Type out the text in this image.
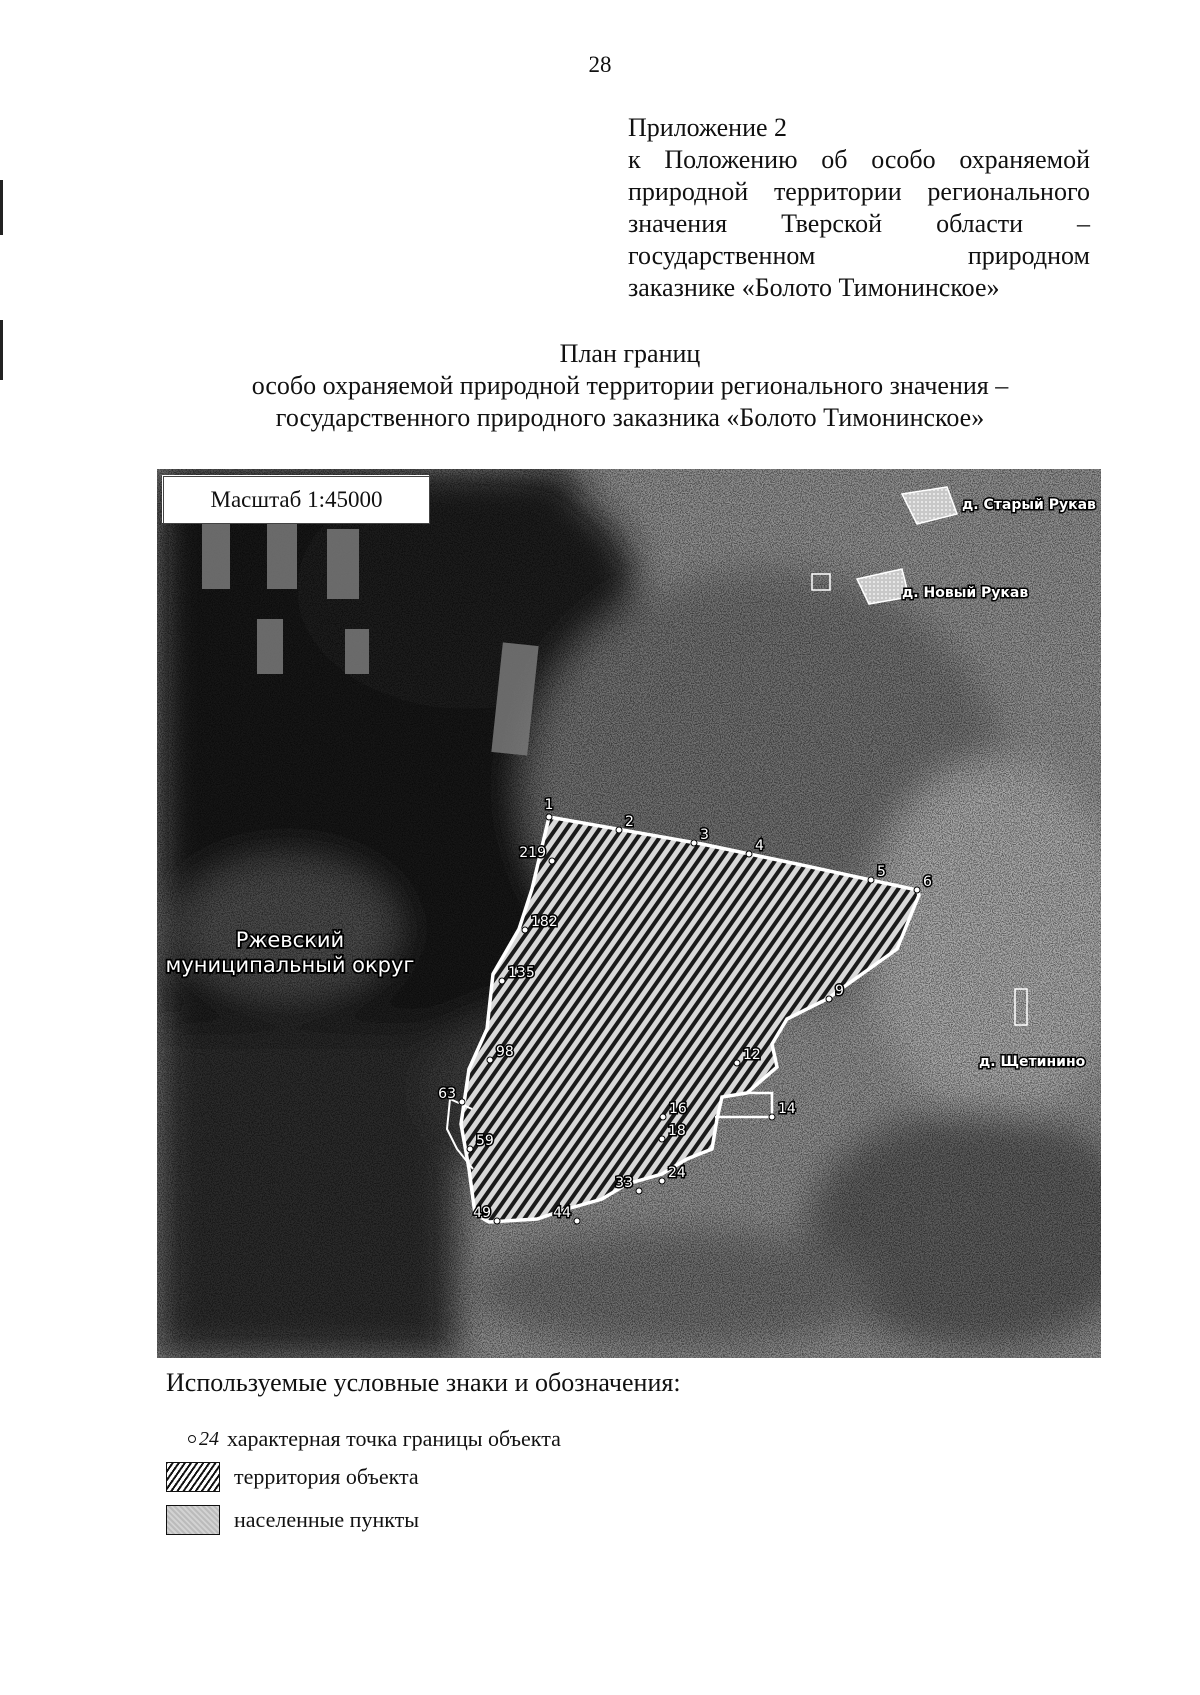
28
Приложение 2
к Положению об особо охраняемой
природной территории регионального
значения Тверской области –
государственном природном
заказнике «Болото Тимонинское»
План границ
особо охраняемой природной территории регионального значения –
государственного природного заказника «Болото Тимонинское»
д. Старый Рукав
д. Новый Рукав
д. Щетинино
Ржевский
муниципальный округ
1
2
3
4
5
6
9
12
14
16
18
24
33
44
49
59
63
98
135
182
219
Масштаб 1:45000
Используемые условные знаки и обозначения:
24 характерная точка границы объекта
территория объекта
населенные пункты
